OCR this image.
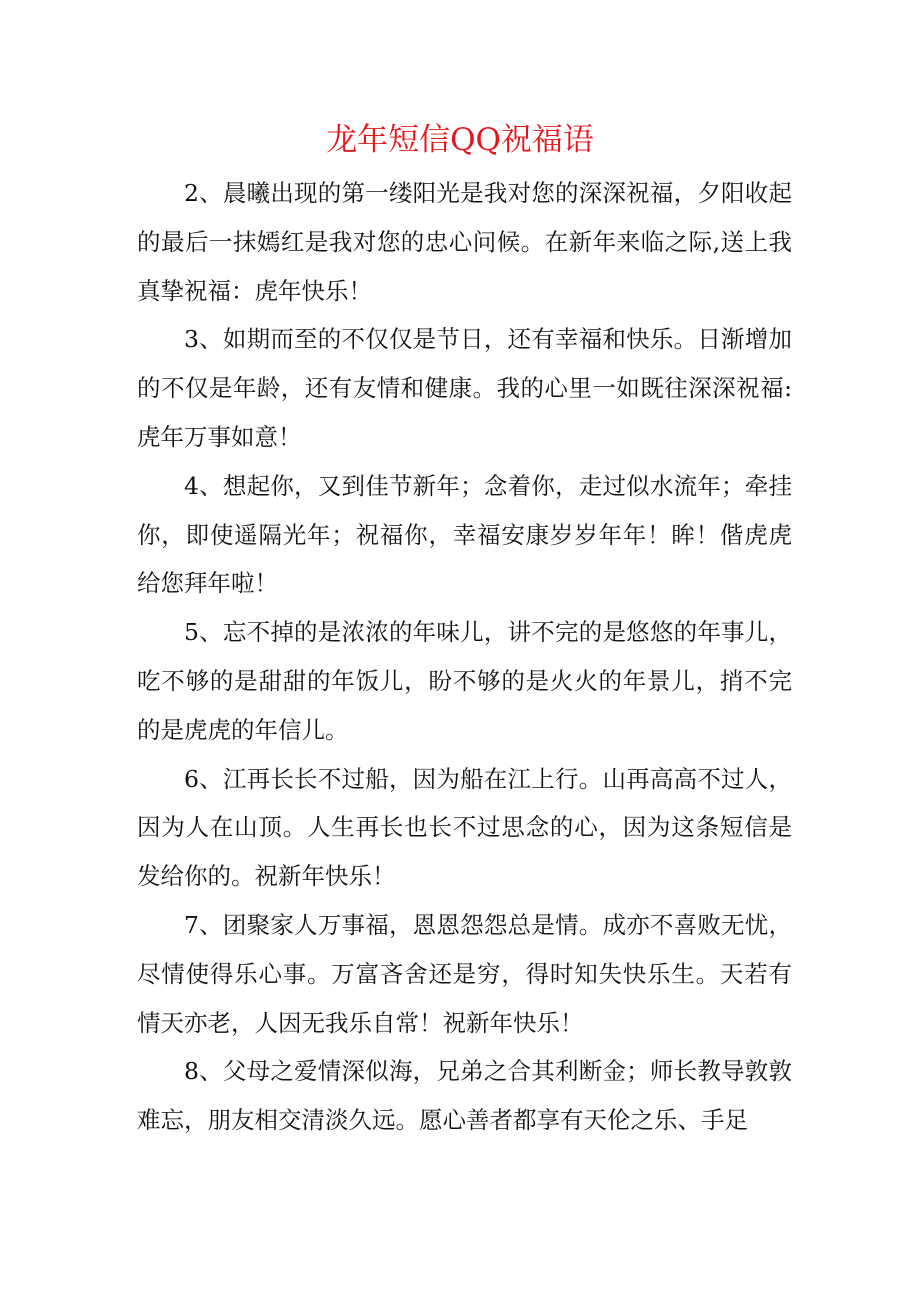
龙年短信QQ祝福语

2、晨曦出现的第一缕阳光是我对您的深深祝福，夕阳收起的最后一抹嫣红是我对您的忠心问候。在新年来临之际,送上我真挚祝福：虎年快乐！

3、如期而至的不仅仅是节日，还有幸福和快乐。日渐增加的不仅是年龄，还有友情和健康。我的心里一如既往深深祝福:虎年万事如意！

4、想起你，又到佳节新年；念着你，走过似水流年；牵挂你，即使遥隔光年；祝福你，幸福安康岁岁年年！眸！偕虎虎给您拜年啦！

5、忘不掉的是浓浓的年味儿，讲不完的是悠悠的年事儿，吃不够的是甜甜的年饭儿，盼不够的是火火的年景儿，捎不完的是虎虎的年信儿。

6、江再长长不过船，因为船在江上行。山再高高不过人，因为人在山顶。人生再长也长不过思念的心，因为这条短信是发给你的。祝新年快乐！

7、团聚家人万事福，恩恩怨怨总是情。成亦不喜败无忧，尽情使得乐心事。万富吝舍还是穷，得时知失快乐生。天若有情天亦老，人因无我乐自常！祝新年快乐！

8、父母之爱情深似海，兄弟之合其利断金；师长教导敦敦难忘，朋友相交清淡久远。愿心善者都享有天伦之乐、手足
